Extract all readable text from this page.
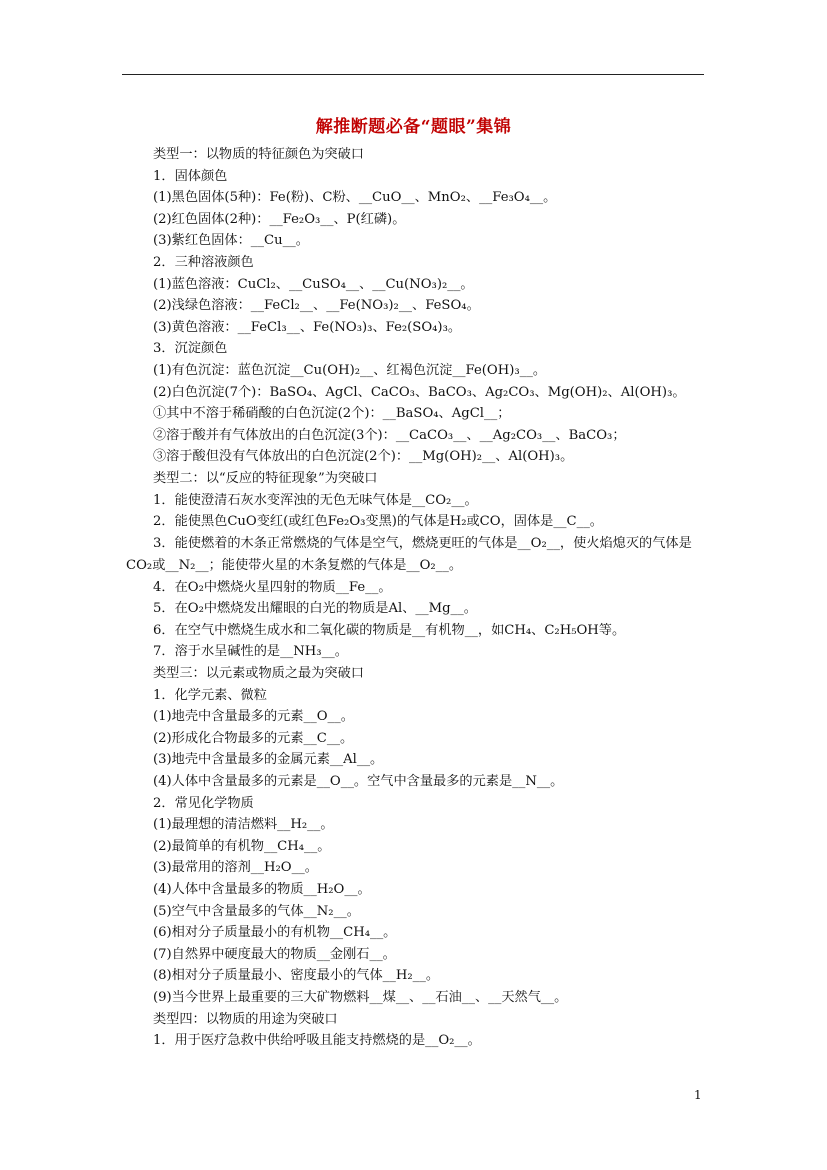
解推断题必备“题眼”集锦
类型一：以物质的特征颜色为突破口
1．固体颜色
(1)黑色固体(5种)：Fe(粉)、C粉、__CuO__、MnO₂、__Fe₃O₄__。
(2)红色固体(2种)：__Fe₂O₃__、P(红磷)。
(3)紫红色固体：__Cu__。
2．三种溶液颜色
(1)蓝色溶液：CuCl₂、__CuSO₄__、__Cu(NO₃)₂__。
(2)浅绿色溶液：__FeCl₂__、__Fe(NO₃)₂__、FeSO₄。
(3)黄色溶液：__FeCl₃__、Fe(NO₃)₃、Fe₂(SO₄)₃。
3．沉淀颜色
(1)有色沉淀：蓝色沉淀__Cu(OH)₂__、红褐色沉淀__Fe(OH)₃__。
(2)白色沉淀(7个)：BaSO₄、AgCl、CaCO₃、BaCO₃、Ag₂CO₃、Mg(OH)₂、Al(OH)₃。
①其中不溶于稀硝酸的白色沉淀(2个)：__BaSO₄、AgCl__；
②溶于酸并有气体放出的白色沉淀(3个)：__CaCO₃__、__Ag₂CO₃__、BaCO₃；
③溶于酸但没有气体放出的白色沉淀(2个)：__Mg(OH)₂__、Al(OH)₃。
类型二：以“反应的特征现象”为突破口
1．能使澄清石灰水变浑浊的无色无味气体是__CO₂__。
2．能使黑色CuO变红(或红色Fe₂O₃变黑)的气体是H₂或CO，固体是__C__。
3．能使燃着的木条正常燃烧的气体是空气，燃烧更旺的气体是__O₂__，使火焰熄灭的气体是CO₂或__N₂__；能使带火星的木条复燃的气体是__O₂__。
4．在O₂中燃烧火星四射的物质__Fe__。
5．在O₂中燃烧发出耀眼的白光的物质是Al、__Mg__。
6．在空气中燃烧生成水和二氧化碳的物质是__有机物__，如CH₄、C₂H₅OH等。
7．溶于水呈碱性的是__NH₃__。
类型三：以元素或物质之最为突破口
1．化学元素、微粒
(1)地壳中含量最多的元素__O__。
(2)形成化合物最多的元素__C__。
(3)地壳中含量最多的金属元素__Al__。
(4)人体中含量最多的元素是__O__。空气中含量最多的元素是__N__。
2．常见化学物质
(1)最理想的清洁燃料__H₂__。
(2)最简单的有机物__CH₄__。
(3)最常用的溶剂__H₂O__。
(4)人体中含量最多的物质__H₂O__。
(5)空气中含量最多的气体__N₂__。
(6)相对分子质量最小的有机物__CH₄__。
(7)自然界中硬度最大的物质__金刚石__。
(8)相对分子质量最小、密度最小的气体__H₂__。
(9)当今世界上最重要的三大矿物燃料__煤__、__石油__、__天然气__。
类型四：以物质的用途为突破口
1．用于医疗急救中供给呼吸且能支持燃烧的是__O₂__。
1
